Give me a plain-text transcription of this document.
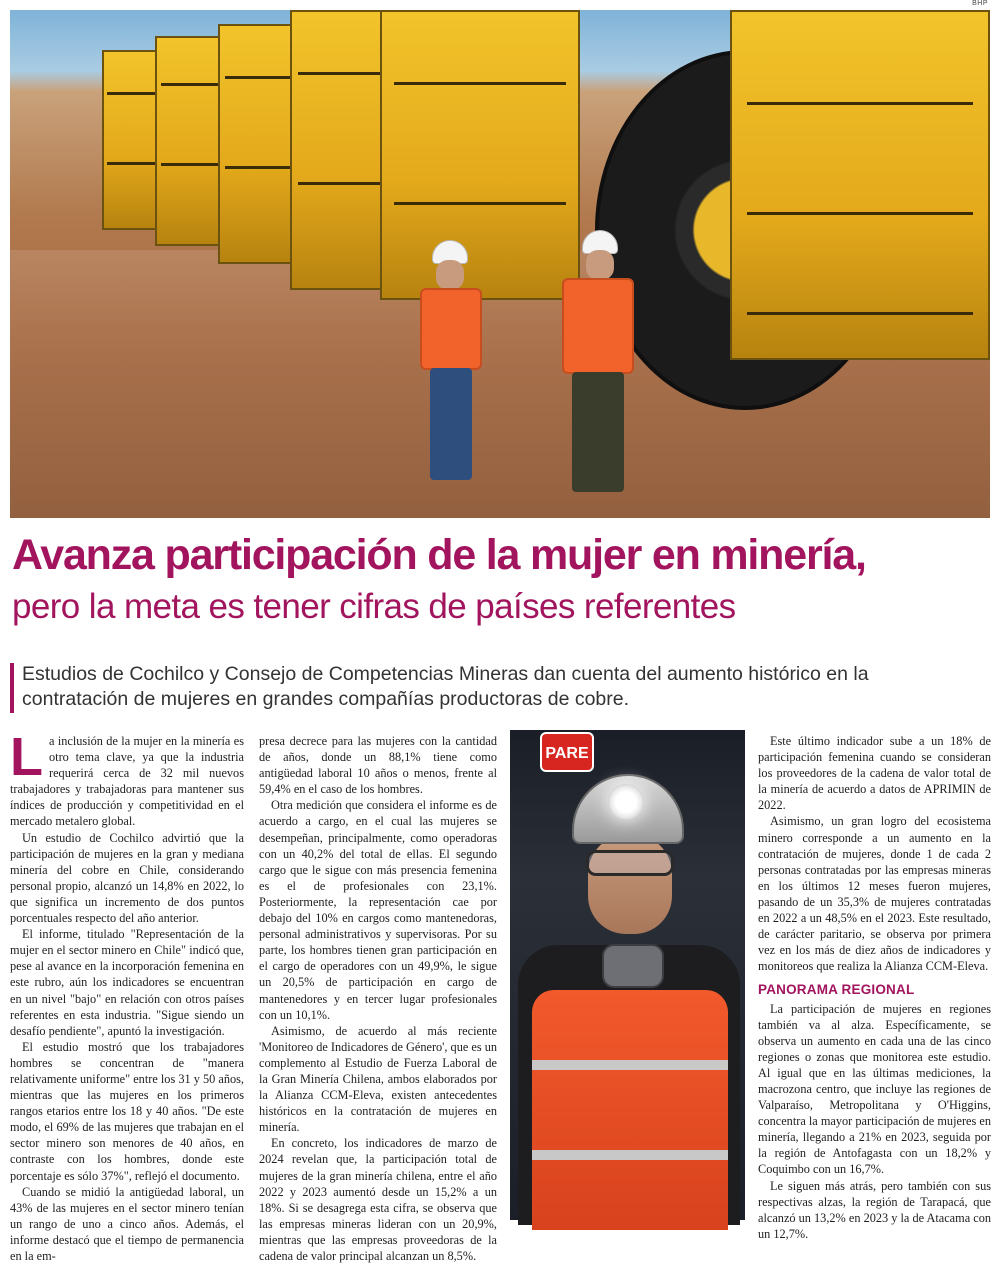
BHP
Avanza participación de la mujer en minería,
pero la meta es tener cifras de países referentes

Estudios de Cochilco y Consejo de Competencias Mineras dan cuenta del aumento histórico en la contratación de mujeres en grandes compañías productoras de cobre.

La inclusión de la mujer en la minería es otro tema clave, ya que la industria requerirá cerca de 32 mil nuevos trabajadores y trabajadoras para mantener sus índices de producción y competitividad en el mercado metalero global.

Un estudio de Cochilco advirtió que la participación de mujeres en la gran y mediana minería del cobre en Chile, considerando personal propio, alcanzó un 14,8% en 2022, lo que significa un incremento de dos puntos porcentuales respecto del año anterior.

El informe, titulado "Representación de la mujer en el sector minero en Chile" indicó que, pese al avance en la incorporación femenina en este rubro, aún los indicadores se encuentran en un nivel "bajo" en relación con otros países referentes en esta industria. "Sigue siendo un desafío pendiente", apuntó la investigación.

El estudio mostró que los trabajadores hombres se concentran de "manera relativamente uniforme" entre los 31 y 50 años, mientras que las mujeres en los primeros rangos etarios entre los 18 y 40 años. "De este modo, el 69% de las mujeres que trabajan en el sector minero son menores de 40 años, en contraste con los hombres, donde este porcentaje es sólo 37%", reflejó el documento.

Cuando se midió la antigüedad laboral, un 43% de las mujeres en el sector minero tenían un rango de uno a cinco años. Además, el informe destacó que el tiempo de permanencia en la em-

presa decrece para las mujeres con la cantidad de años, donde un 88,1% tiene como antigüedad laboral 10 años o menos, frente al 59,4% en el caso de los hombres.

Otra medición que considera el informe es de acuerdo a cargo, en el cual las mujeres se desempeñan, principalmente, como operadoras con un 40,2% del total de ellas. El segundo cargo que le sigue con más presencia femenina es el de profesionales con 23,1%. Posteriormente, la representación cae por debajo del 10% en cargos como mantenedoras, personal administrativos y supervisoras. Por su parte, los hombres tienen gran participación en el cargo de operadores con un 49,9%, le sigue un 20,5% de participación en cargo de mantenedores y en tercer lugar profesionales con un 10,1%.

Asimismo, de acuerdo al más reciente 'Monitoreo de Indicadores de Género', que es un complemento al Estudio de Fuerza Laboral de la Gran Minería Chilena, ambos elaborados por la Alianza CCM-Eleva, existen antecedentes históricos en la contratación de mujeres en minería.

En concreto, los indicadores de marzo de 2024 revelan que, la participación total de mujeres de la gran minería chilena, entre el año 2022 y 2023 aumentó desde un 15,2% a un 18%. Si se desagrega esta cifra, se observa que las empresas mineras lideran con un 20,9%, mientras que las empresas proveedoras de la cadena de valor principal alcanzan un 8,5%.

PARE

Este último indicador sube a un 18% de participación femenina cuando se consideran los proveedores de la cadena de valor total de la minería de acuerdo a datos de APRIMIN de 2022.

Asimismo, un gran logro del ecosistema minero corresponde a un aumento en la contratación de mujeres, donde 1 de cada 2 personas contratadas por las empresas mineras en los últimos 12 meses fueron mujeres, pasando de un 35,3% de mujeres contratadas en 2022 a un 48,5% en el 2023. Este resultado, de carácter paritario, se observa por primera vez en los más de diez años de indicadores y monitoreos que realiza la Alianza CCM-Eleva.

PANORAMA REGIONAL

La participación de mujeres en regiones también va al alza. Específicamente, se observa un aumento en cada una de las cinco regiones o zonas que monitorea este estudio. Al igual que en las últimas mediciones, la macrozona centro, que incluye las regiones de Valparaíso, Metropolitana y O'Higgins, concentra la mayor participación de mujeres en minería, llegando a 21% en 2023, seguida por la región de Antofagasta con un 18,2% y Coquimbo con un 16,7%.

Le siguen más atrás, pero también con sus respectivas alzas, la región de Tarapacá, que alcanzó un 13,2% en 2023 y la de Atacama con un 12,7%.
